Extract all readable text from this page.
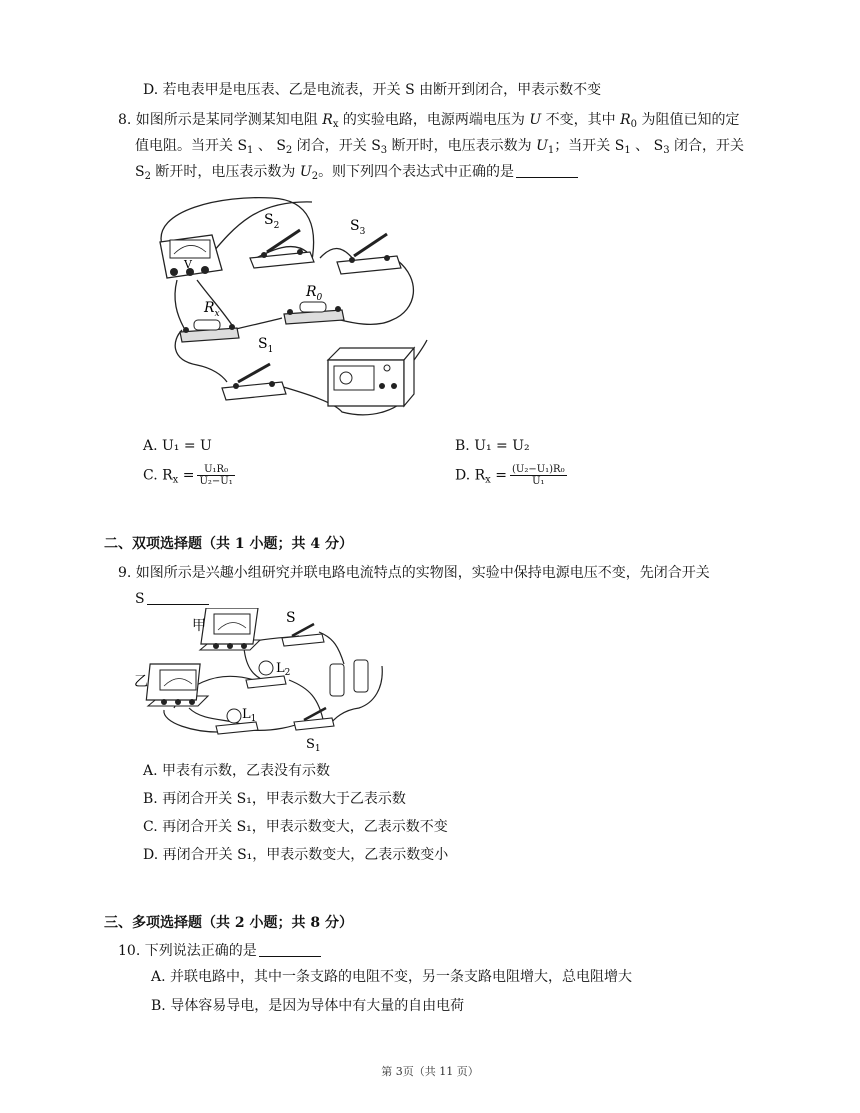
D. 若电表甲是电压表、乙是电流表，开关 S 由断开到闭合，甲表示数不变
8. 如图所示是某同学测某知电阻 $R_x$ 的实验电路，电源两端电压为 U 不变，其中 $R_0$ 为阻值已知的定
值电阻。当开关 $S_1$ 、 $S_2$ 闭合，开关 $S_3$ 断开时，电压表示数为 $U_1$；当开关 $S_1$ 、 $S_3$ 闭合，开关
$S_2$ 断开时，电压表示数为 $U_2$。则下列四个表达式中正确的是
V
$S_2$	$S_3$
$R_x$
$R_0$
$S_1$
A. U₁ = U	B. U₁ = U₂
C. $R_x = \frac{\text{U₁R₀}}{\text{U₂−U₁}}$	D. $R_x = \frac{\text{(U₂−U₁)R₀}}{\text{U₁}}$
二、双项选择题（共 1 小题；共 4 分）
9. 如图所示是兴趣小组研究并联电路电流特点的实物图，实验中保持电源电压不变，先闭合开关
S
甲
乙
S
$L_2$
$L_1$
$S_1$
A. 甲表有示数，乙表没有示数
B. 再闭合开关 S₁，甲表示数大于乙表示数
C. 再闭合开关 S₁，甲表示数变大，乙表示数不变
D. 再闭合开关 S₁，甲表示数变大，乙表示数变小
三、多项选择题（共 2 小题；共 8 分）
10. 下列说法正确的是
A. 并联电路中，其中一条支路的电阻不变，另一条支路电阻增大，总电阻增大
B. 导体容易导电，是因为导体中有大量的自由电荷
第 3页（共 11 页）
